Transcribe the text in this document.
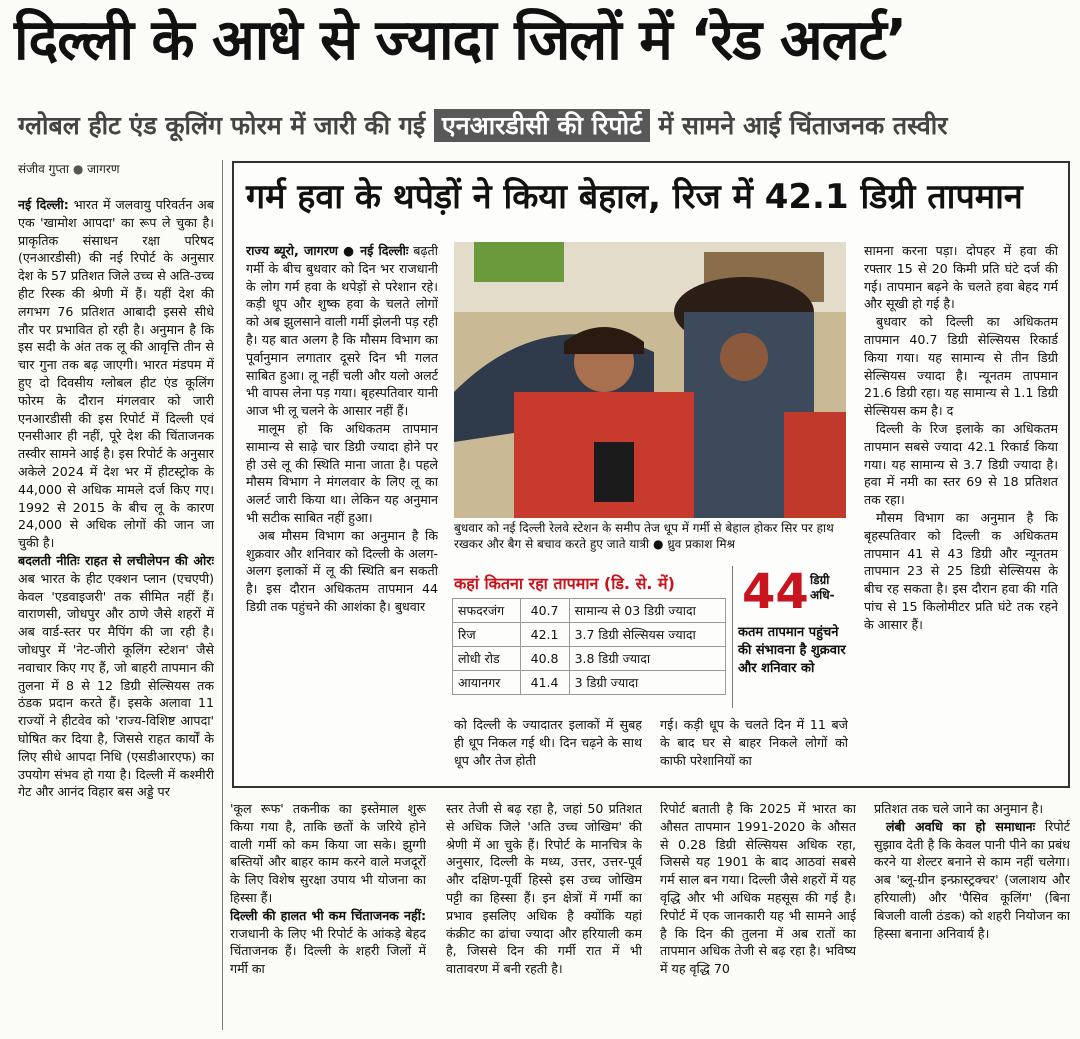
दिल्ली के आधे से ज्यादा जिलों में ‘रेड अलर्ट’
ग्लोबल हीट एंड कूलिंग फोरम में जारी की गई एनआरडीसी की रिपोर्ट में सामने आई चिंताजनक तस्वीर
संजीव गुप्ता ● जागरण

नई दिल्ली: भारत में जलवायु परिवर्तन अब एक 'खामोश आपदा' का रूप ले चुका है। प्राकृतिक संसाधन रक्षा परिषद (एनआरडीसी) की नई रिपोर्ट के अनुसार देश के 57 प्रतिशत जिले उच्च से अति-उच्च हीट रिस्क की श्रेणी में हैं। यहीं देश की लगभग 76 प्रतिशत आबादी इससे सीधे तौर पर प्रभावित हो रही है। अनुमान है कि इस सदी के अंत तक लू की आवृत्ति तीन से चार गुना तक बढ़ जाएगी। भारत मंडपम में हुए दो दिवसीय ग्लोबल हीट एंड कूलिंग फोरम के दौरान मंगलवार को जारी एनआरडीसी की इस रिपोर्ट में दिल्ली एवं एनसीआर ही नहीं, पूरे देश की चिंताजनक तस्वीर सामने आई है। इस रिपोर्ट के अनुसार अकेले 2024 में देश भर में हीटस्ट्रोक के 44,000 से अधिक मामले दर्ज किए गए। 1992 से 2015 के बीच लू के कारण 24,000 से अधिक लोगों की जान जा चुकी है।

बदलती नीतिः राहत से लचीलेपन की ओरः अब भारत के हीट एक्शन प्लान (एचएपी) केवल 'एडवाइजरी' तक सीमित नहीं हैं। वाराणसी, जोधपुर और ठाणे जैसे शहरों में अब वार्ड-स्तर पर मैपिंग की जा रही है। जोधपुर में 'नेट-जीरो कूलिंग स्टेशन' जैसे नवाचार किए गए हैं, जो बाहरी तापमान की तुलना में 8 से 12 डिग्री सेल्सियस तक ठंडक प्रदान करते हैं। इसके अलावा 11 राज्यों ने हीटवेव को 'राज्य-विशिष्ट आपदा' घोषित कर दिया है, जिससे राहत कार्यों के लिए सीधे आपदा निधि (एसडीआरएफ) का उपयोग संभव हो गया है। दिल्ली में कश्मीरी गेट और आनंद विहार बस अड्डे पर

गर्म हवा के थपेड़ों ने किया बेहाल, रिज में 42.1 डिग्री तापमान

राज्य ब्यूरो, जागरण ● नई दिल्लीः बढ़ती गर्मी के बीच बुधवार को दिन भर राजधानी के लोग गर्म हवा के थपेड़ों से परेशान रहे। कड़ी धूप और शुष्क हवा के चलते लोगों को अब झुलसाने वाली गर्मी झेलनी पड़ रही है। यह बात अलग है कि मौसम विभाग का पूर्वानुमान लगातार दूसरे दिन भी गलत साबित हुआ। लू नहीं चली और यलो अलर्ट भी वापस लेना पड़ गया। बृहस्पतिवार यानी आज भी लू चलने के आसार नहीं हैं।

मालूम हो कि अधिकतम तापमान सामान्य से साढ़े चार डिग्री ज्यादा होने पर ही उसे लू की स्थिति माना जाता है। पहले मौसम विभाग ने मंगलवार के लिए लू का अलर्ट जारी किया था। लेकिन यह अनुमान भी सटीक साबित नहीं हुआ।

अब मौसम विभाग का अनुमान है कि शुक्रवार और शनिवार को दिल्ली के अलग-अलग इलाकों में लू की स्थिति बन सकती है। इस दौरान अधिकतम तापमान 44 डिग्री तक पहुंचने की आशंका है। बुधवार

बुधवार को नई दिल्ली रेलवे स्टेशन के समीप तेज धूप में गर्मी से बेहाल होकर सिर पर हाथ रखकर और बैग से बचाव करते हुए जाते यात्री ● ध्रुव प्रकाश मिश्र
कहां कितना रहा तापमान (डि. से. में)
सफदरजंग	40.7	सामान्य से 03 डिग्री ज्यादा
रिज	42.1	3.7 डिग्री सेल्सियस ज्यादा
लोधी रोड	40.8	3.8 डिग्री ज्यादा
आयानगर	41.4	3 डिग्री ज्यादा
44 डिग्री अधि-
कतम तापमान पहुंचने की संभावना है शुक्रवार और शनिवार को

को दिल्ली के ज्यादातर इलाकों में सुबह ही धूप निकल गई थी। दिन चढ़ने के साथ धूप और तेज होती

गई। कड़ी धूप के चलते दिन में 11 बजे के बाद घर से बाहर निकले लोगों को काफी परेशानियों का

सामना करना पड़ा। दोपहर में हवा की रफ्तार 15 से 20 किमी प्रति घंटे दर्ज की गई। तापमान बढ़ने के चलते हवा बेहद गर्म और सूखी हो गई है।

बुधवार को दिल्ली का अधिकतम तापमान 40.7 डिग्री सेल्सियस रिकार्ड किया गया। यह सामान्य से तीन डिग्री सेल्सियस ज्यादा है। न्यूनतम तापमान 21.6 डिग्री रहा। यह सामान्य से 1.1 डिग्री सेल्सियस कम है। द

दिल्ली के रिज इलाके का अधिकतम तापमान सबसे ज्यादा 42.1 रिकार्ड किया गया। यह सामान्य से 3.7 डिग्री ज्यादा है। हवा में नमी का स्तर 69 से 18 प्रतिशत तक रहा।

मौसम विभाग का अनुमान है कि बृहस्पतिवार को दिल्ली क अधिकतम तापमान 41 से 43 डिग्री और न्यूनतम तापमान 23 से 25 डिग्री सेल्सियस के बीच रह सकता है। इस दौरान हवा की गति पांच से 15 किलोमीटर प्रति घंटे तक रहने के आसार हैं।

'कूल रूफ' तकनीक का इस्तेमाल शुरू किया गया है, ताकि छतों के जरिये होने वाली गर्मी को कम किया जा सके। झुग्गी बस्तियों और बाहर काम करने वाले मजदूरों के लिए विशेष सुरक्षा उपाय भी योजना का हिस्सा हैं।

दिल्ली की हालत भी कम चिंताजनक नहीं: राजधानी के लिए भी रिपोर्ट के आंकड़े बेहद चिंताजनक हैं। दिल्ली के शहरी जिलों में गर्मी का

स्तर तेजी से बढ़ रहा है, जहां 50 प्रतिशत से अधिक जिले 'अति उच्च जोखिम' की श्रेणी में आ चुके हैं। रिपोर्ट के मानचित्र के अनुसार, दिल्ली के मध्य, उत्तर, उत्तर-पूर्व और दक्षिण-पूर्वी हिस्से इस उच्च जोखिम पट्टी का हिस्सा हैं। इन क्षेत्रों में गर्मी का प्रभाव इसलिए अधिक है क्योंकि यहां कंक्रीट का ढांचा ज्यादा और हरियाली कम है, जिससे दिन की गर्मी रात में भी वातावरण में बनी रहती है।

रिपोर्ट बताती है कि 2025 में भारत का औसत तापमान 1991-2020 के औसत से 0.28 डिग्री सेल्सियस अधिक रहा, जिससे यह 1901 के बाद आठवां सबसे गर्म साल बन गया। दिल्ली जैसे शहरों में यह वृद्धि और भी अधिक महसूस की गई है। रिपोर्ट में एक जानकारी यह भी सामने आई है कि दिन की तुलना में अब रातों का तापमान अधिक तेजी से बढ़ रहा है। भविष्य में यह वृद्धि 70

प्रतिशत तक चले जाने का अनुमान है।

लंबी अवधि का हो समाधानः रिपोर्ट सुझाव देती है कि केवल पानी पीने का प्रबंध करने या शेल्टर बनाने से काम नहीं चलेगा। अब 'ब्लू-ग्रीन इन्फ्रास्ट्रक्चर' (जलाशय और हरियाली) और 'पैसिव कूलिंग' (बिना बिजली वाली ठंडक) को शहरी नियोजन का हिस्सा बनाना अनिवार्य है।
